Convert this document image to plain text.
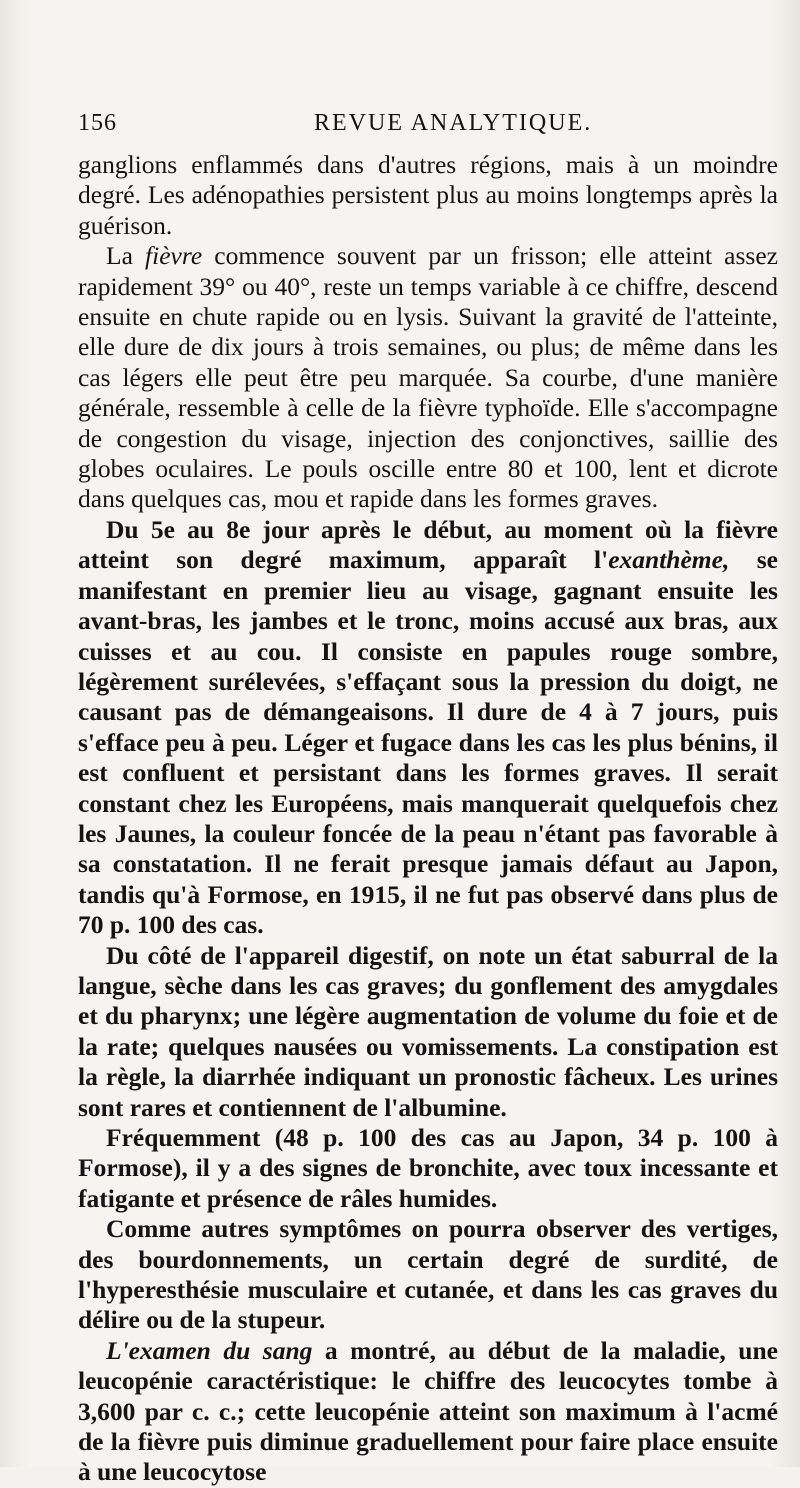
156	REVUE ANALYTIQUE.

ganglions enflammés dans d'autres régions, mais à un moindre degré. Les adénopathies persistent plus au moins longtemps après la guérison.

La fièvre commence souvent par un frisson; elle atteint assez rapidement 39° ou 40°, reste un temps variable à ce chiffre, descend ensuite en chute rapide ou en lysis. Suivant la gravité de l'atteinte, elle dure de dix jours à trois semaines, ou plus; de même dans les cas légers elle peut être peu marquée. Sa courbe, d'une manière générale, ressemble à celle de la fièvre typhoïde. Elle s'accompagne de congestion du visage, injection des conjonctives, saillie des globes oculaires. Le pouls oscille entre 80 et 100, lent et dicrote dans quelques cas, mou et rapide dans les formes graves.

Du 5e au 8e jour après le début, au moment où la fièvre atteint son degré maximum, apparaît l'exanthème, se manifestant en premier lieu au visage, gagnant ensuite les avant-bras, les jambes et le tronc, moins accusé aux bras, aux cuisses et au cou. Il consiste en papules rouge sombre, légèrement surélevées, s'effaçant sous la pression du doigt, ne causant pas de démangeaisons. Il dure de 4 à 7 jours, puis s'efface peu à peu. Léger et fugace dans les cas les plus bénins, il est confluent et persistant dans les formes graves. Il serait constant chez les Européens, mais manquerait quelquefois chez les Jaunes, la couleur foncée de la peau n'étant pas favorable à sa constatation. Il ne ferait presque jamais défaut au Japon, tandis qu'à Formose, en 1915, il ne fut pas observé dans plus de 70 p. 100 des cas.

Du côté de l'appareil digestif, on note un état saburral de la langue, sèche dans les cas graves; du gonflement des amygdales et du pharynx; une légère augmentation de volume du foie et de la rate; quelques nausées ou vomissements. La constipation est la règle, la diarrhée indiquant un pronostic fâcheux. Les urines sont rares et contiennent de l'albumine.

Fréquemment (48 p. 100 des cas au Japon, 34 p. 100 à Formose), il y a des signes de bronchite, avec toux incessante et fatigante et présence de râles humides.

Comme autres symptômes on pourra observer des vertiges, des bourdonnements, un certain degré de surdité, de l'hyperesthésie musculaire et cutanée, et dans les cas graves du délire ou de la stupeur.

L'examen du sang a montré, au début de la maladie, une leucopénie caractéristique: le chiffre des leucocytes tombe à 3,600 par c. c.; cette leucopénie atteint son maximum à l'acmé de la fièvre puis diminue graduellement pour faire place ensuite à une leucocytose
